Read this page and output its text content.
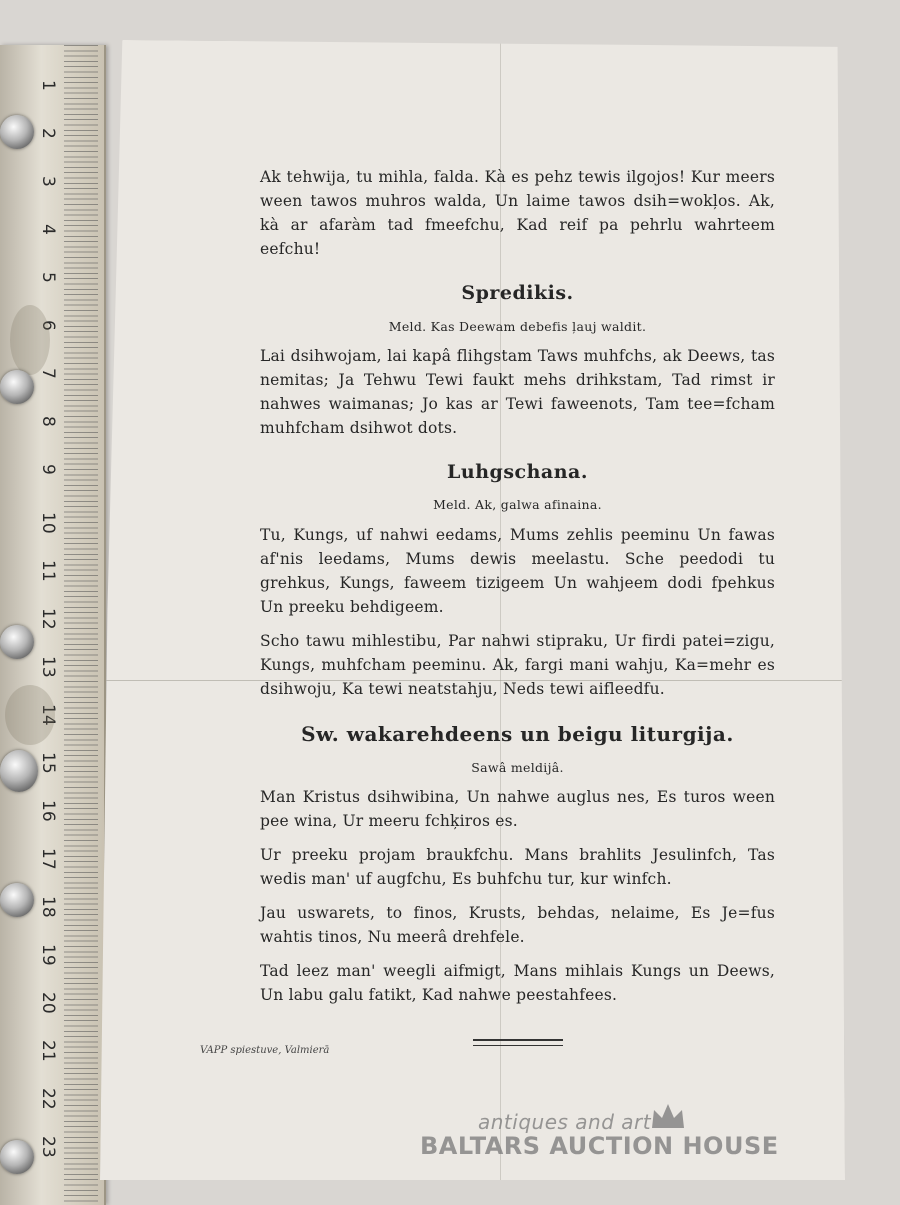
1
2
3
4
5
6
7
8
9
10
11
12
13
14
15
16
17
18
19
20
21
22
23

Ak tehwija, tu mihla, falda. Kà es pehz tewis ilgojos! Kur meers ween tawos muhros walda, Un laime tawos dsih=wokļos. Ak, kà ar afaràm tad fmeefchu, Kad reif pa pehrlu wahrteem eefchu!

Spredikis.
Meld. Kas Deewam debefis ļauj waldit.

Lai dsihwojam, lai kapâ flihgstam Taws muhfchs, ak Deews, tas nemitas; Ja Tehwu Tewi faukt mehs drihkstam, Tad rimst ir nahwes waimanas; Jo kas ar Tewi faweenots, Tam tee=fcham muhfcham dsihwot dots.

Luhgschana.
Meld. Ak, galwa afinaina.

Tu, Kungs, uf nahwi eedams, Mums zehlis peeminu Un fawas af'nis leedams, Mums dewis meelastu. Sche peedodi tu grehkus, Kungs, faweem tizigeem Un wahjeem dodi fpehkus Un preeku behdigeem.

Scho tawu mihlestibu, Par nahwi stipraku, Ur firdi patei=zigu, Kungs, muhfcham peeminu. Ak, fargi mani wahju, Ka=mehr es dsihwoju, Ka tewi neatstahju, Neds tewi aifleedfu.

Sw. wakarehdeens un beigu liturgija.
Sawâ meldijâ.

Man Kristus dsihwibina, Un nahwe auglus nes, Es turos ween pee wina, Ur meeru fchķiros es.

Ur preeku projam braukfchu. Mans brahlits Jesulinfch, Tas wedis man' uf augfchu, Es buhfchu tur, kur winfch.

Jau uswarets, to finos, Krusts, behdas, nelaime, Es Je=fus wahtis tinos, Nu meerâ drehfele.

Tad leez man' weegli aifmigt, Mans mihlais Kungs un Deews, Un labu galu fatikt, Kad nahwe peestahfees.

VAPP spiestuve, Valmierā
antiques and art
BALTARS AUCTION HOUSE
